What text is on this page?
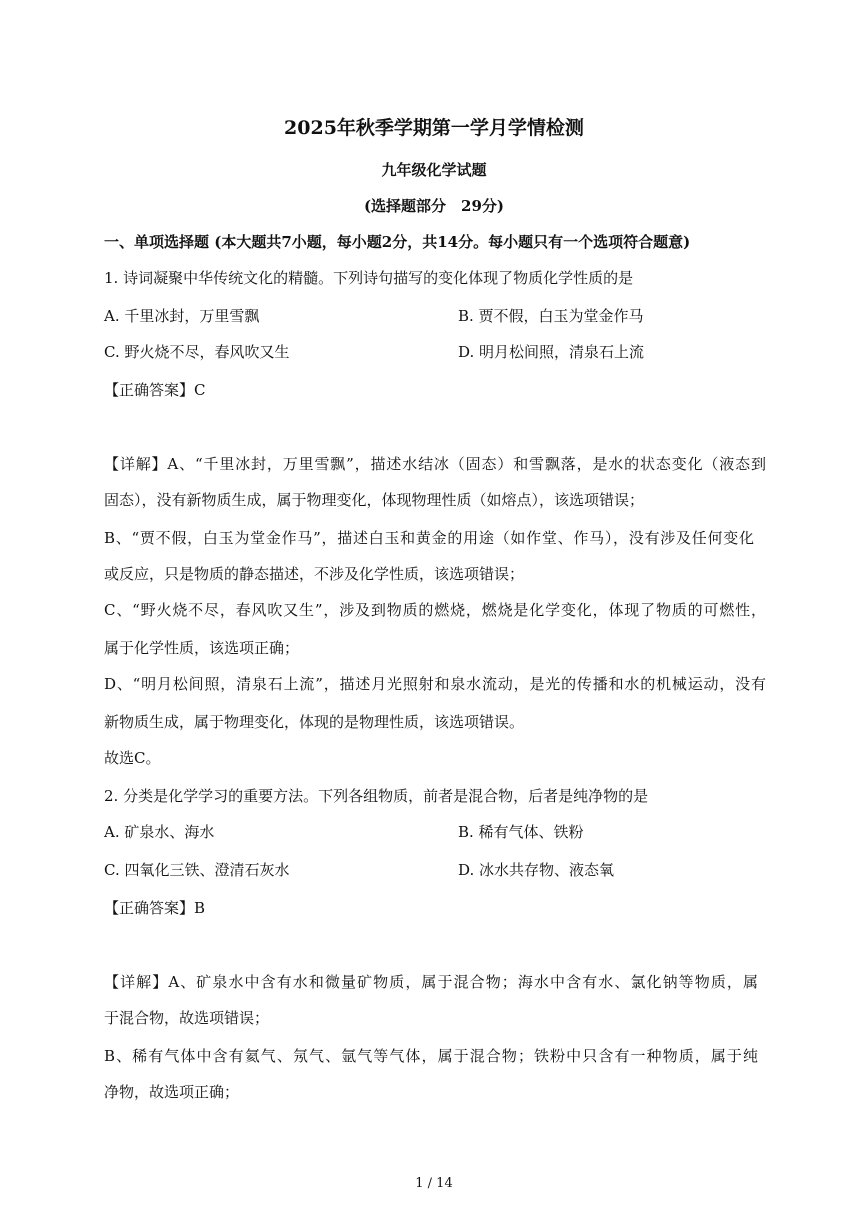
2025年秋季学期第一学月学情检测
九年级化学试题
(选择题部分　29分)
一、单项选择题 (本大题共7小题，每小题2分，共14分。每小题只有一个选项符合题意)
1. 诗词凝聚中华传统文化的精髓。下列诗句描写的变化体现了物质化学性质的是
A. 千里冰封，万里雪飘	B. 贾不假，白玉为堂金作马
C. 野火烧不尽，春风吹又生	D. 明月松间照，清泉石上流
【正确答案】C
【详解】A、“千里冰封，万里雪飘”，描述水结冰（固态）和雪飘落，是水的状态变化（液态到
固态），没有新物质生成，属于物理变化，体现物理性质（如熔点），该选项错误；
B、“贾不假，白玉为堂金作马”，描述白玉和黄金的用途（如作堂、作马），没有涉及任何变化
或反应，只是物质的静态描述，不涉及化学性质，该选项错误；
C、“野火烧不尽，春风吹又生”，涉及到物质的燃烧，燃烧是化学变化，体现了物质的可燃性，
属于化学性质，该选项正确；
D、“明月松间照，清泉石上流”，描述月光照射和泉水流动，是光的传播和水的机械运动，没有
新物质生成，属于物理变化，体现的是物理性质，该选项错误。
故选C。
2. 分类是化学学习的重要方法。下列各组物质，前者是混合物，后者是纯净物的是
A. 矿泉水、海水	B. 稀有气体、铁粉
C. 四氧化三铁、澄清石灰水	D. 冰水共存物、液态氧
【正确答案】B
【详解】A、矿泉水中含有水和微量矿物质，属于混合物；海水中含有水、氯化钠等物质，属
于混合物，故选项错误；
B、稀有气体中含有氦气、氖气、氩气等气体，属于混合物；铁粉中只含有一种物质，属于纯
净物，故选项正确；
1 / 14
